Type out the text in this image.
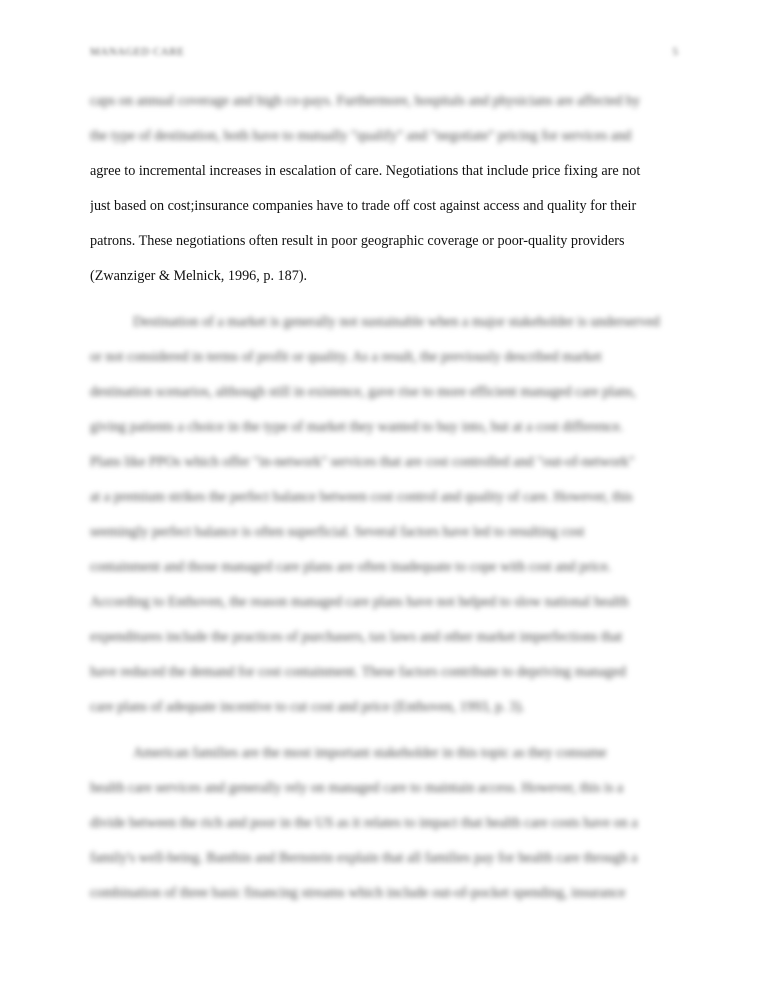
MANAGED CARE	5
caps on annual coverage and high co-pays. Furthermore, hospitals and physicians are affected by
the type of destination, both have to mutually "qualify" and "negotiate" pricing for services and
agree to incremental increases in escalation of care. Negotiations that include price fixing are not
just based on cost;insurance companies have to trade off cost against access and quality for their
patrons. These negotiations often result in poor geographic coverage or poor-quality providers
(Zwanziger & Melnick, 1996, p. 187).
Destination of a market is generally not sustainable when a major stakeholder is underserved
or not considered in terms of profit or quality. As a result, the previously described market
destination scenarios, although still in existence, gave rise to more efficient managed care plans,
giving patients a choice in the type of market they wanted to buy into, but at a cost difference.
Plans like PPOs which offer "in-network" services that are cost controlled and "out-of-network"
at a premium strikes the perfect balance between cost control and quality of care. However, this
seemingly perfect balance is often superficial. Several factors have led to resulting cost
containment and those managed care plans are often inadequate to cope with cost and price.
According to Enthoven, the reason managed care plans have not helped to slow national health
expenditures include the practices of purchasers, tax laws and other market imperfections that
have reduced the demand for cost containment. These factors contribute to depriving managed
care plans of adequate incentive to cut cost and price (Enthoven, 1993, p. 3).
American families are the most important stakeholder in this topic as they consume
health care services and generally rely on managed care to maintain access. However, this is a
divide between the rich and poor in the US as it relates to impact that health care costs have on a
family's well-being. Banthin and Bernstein explain that all families pay for health care through a
combination of three basic financing streams which include out-of-pocket spending, insurance
